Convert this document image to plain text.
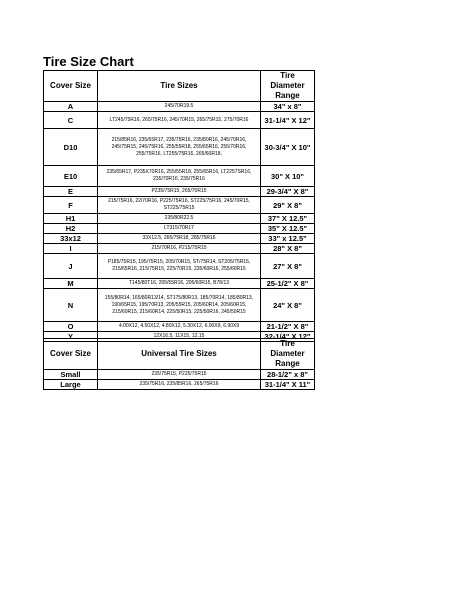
Tire Size Chart
Cover Size	Tire Sizes	Tire Diameter Range
A	245/70R19.5	34" x 8"
C	LT245/75R16, 265/75R16, 245/70R15, 265/75R15, 275/70R16	31-1/4" X 12"
D10	215/85R16, 235/65R17, 235/75R16, 235/80R16, 245/70R16, 245/75R15, 245/75R16, 255/55R18, 255/65R16, 255/70R16, 255/75R16, LT255/75R16, 265/60R18,	30-3/4" X 10"
E10	235/65R17, P235X70R16, 255/55R18, 255/65R16, LT2257SR16, 235/70R16, 235/75R16	30" X 10"
E	P235/75R15, 265/70R15	29-3/4" X 8"
F	215/75R16, 22/70R16, P225/75R16, ST225/75R16, 245/70R15, ST225/75R15	29" X 8"
H1	235/80R22.5	37" X 12.5"
H2	LT315/70R17	35" X 12.5"
33x12	33X12.5, 265/75R18, 285/75R16	33" x 12.5"
I	215/70R16, P215/75R15	28" X 8"
J	P185/75R15, 195/75R15, 205/70R15, ST/75R14, ST205/75R15, 215/65R16, 215/75R15, 225/70R15, 235/60R16, 255/60R15	27" X 8"
M	T145/80T16, 205/55R16, 205/60R15, B78/13	25-1/2" X 8"
N	155/80R14, 165/80R13/14, ST175/80R13, 185/70R14, 185/80R13, 190/65R15, 195/70R13, 205/55R15, 205/60R14, 205/60R15, 215/60R15, 215/60R14, 225/50R15, 225/50R16, 245/50R15	24" X 8"
O	4.00X12, 4.50X12, 4.80X12, 5.30X12, 6.00X9, 6.90X9	21-1/2" X 8"
Y	12X16.5, 11X15, 12.15	32-1/4" X 12"
Cover Size	Universal Tire Sizes	Tire Diameter Range
Small	235/75R15, P225/75R15	28-1/2" x 8"
Large	235/75R16, 235/85R16, 265/75R16	31-1/4" X 11"
